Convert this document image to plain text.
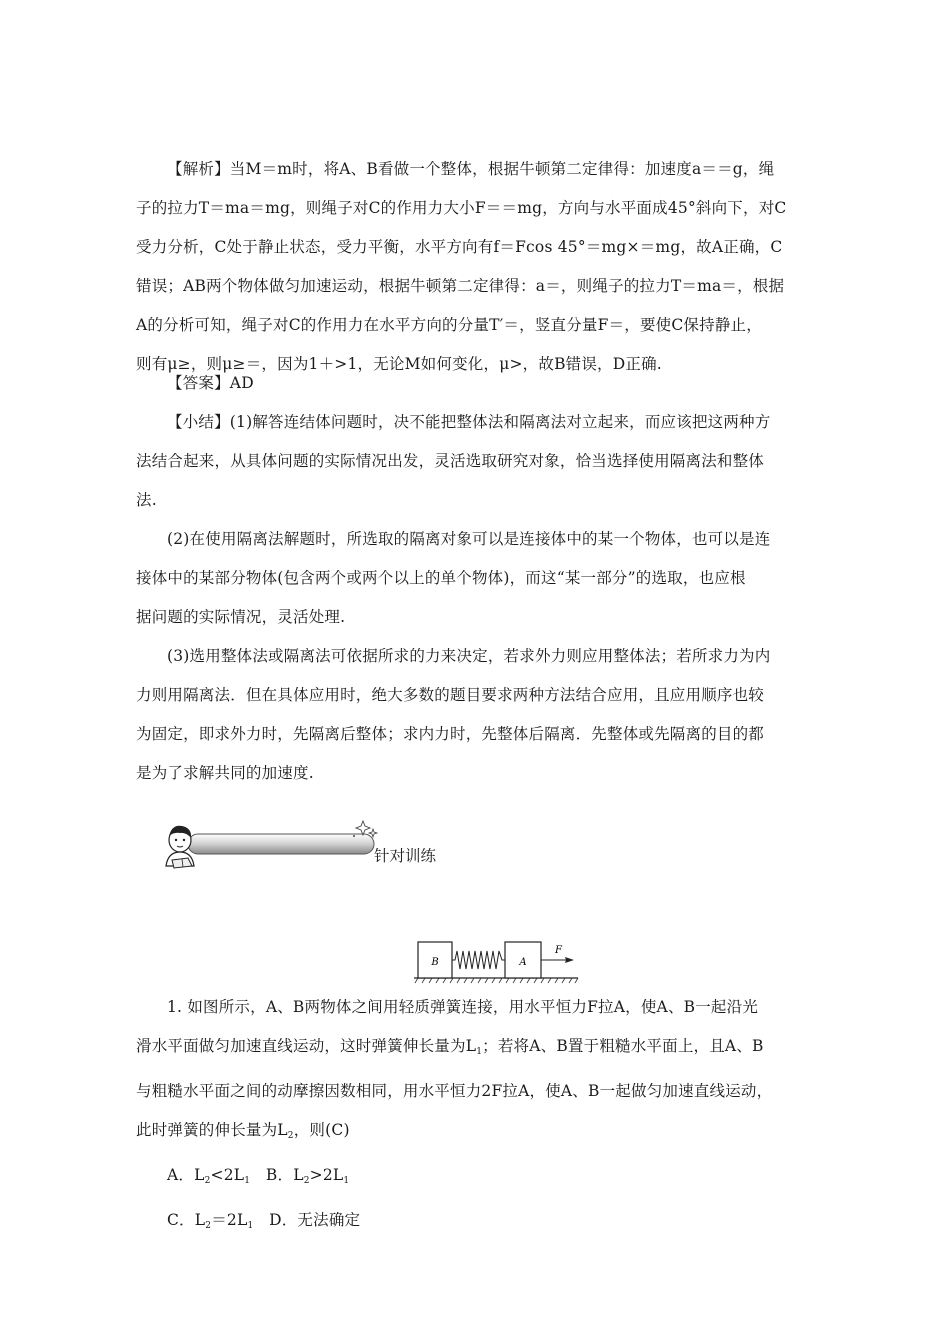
【解析】当M＝m时，将A、B看做一个整体，根据牛顿第二定律得：加速度a＝＝g，绳
子的拉力T＝ma＝mg，则绳子对C的作用力大小F＝＝mg，方向与水平面成45°斜向下，对C
受力分析，C处于静止状态，受力平衡，水平方向有f＝Fcos 45°＝mg×＝mg，故A正确，C
错误；AB两个物体做匀加速运动，根据牛顿第二定律得：a＝，则绳子的拉力T＝ma＝，根据
A的分析可知，绳子对C的作用力在水平方向的分量T′＝，竖直分量F＝，要使C保持静止，
则有μ≥，则μ≥＝，因为1＋>1，无论M如何变化，μ>，故B错误，D正确.
【答案】AD
【小结】(1)解答连结体问题时，决不能把整体法和隔离法对立起来，而应该把这两种方
法结合起来，从具体问题的实际情况出发，灵活选取研究对象，恰当选择使用隔离法和整体
法.
(2)在使用隔离法解题时，所选取的隔离对象可以是连接体中的某一个物体，也可以是连
接体中的某部分物体(包含两个或两个以上的单个物体)，而这“某一部分”的选取，也应根
据问题的实际情况，灵活处理.
(3)选用整体法或隔离法可依据所求的力来决定，若求外力则应用整体法；若所求力为内
力则用隔离法．但在具体应用时，绝大多数的题目要求两种方法结合应用，且应用顺序也较
为固定，即求外力时，先隔离后整体；求内力时，先整体后隔离．先整体或先隔离的目的都
是为了求解共同的加速度.
针对训练
B	A
F
1. 如图所示，A、B两物体之间用轻质弹簧连接，用水平恒力F拉A，使A、B一起沿光
滑水平面做匀加速直线运动，这时弹簧伸长量为$L_1$；若将A、B置于粗糙水平面上，且A、B
与粗糙水平面之间的动摩擦因数相同，用水平恒力2F拉A，使A、B一起做匀加速直线运动，
此时弹簧的伸长量为$L_2$，则(C)
A．$L_2<2L_1$　B．$L_2>2L_1$
C．$L_2=2L_1$　D．无法确定
